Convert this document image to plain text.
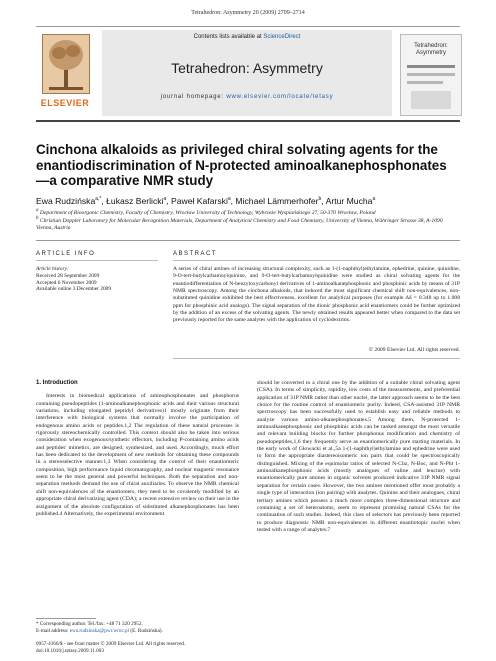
Tetrahedron: Asymmetry 20 (2009) 2709–2714
ELSEVIER
Contents lists available at ScienceDirect
Tetrahedron: Asymmetry
journal homepage: www.elsevier.com/locate/tetasy
Tetrahedron: Asymmetry
Cinchona alkaloids as privileged chiral solvating agents for the enantiodiscrimination of N-protected aminoalkanephosphonates—a comparative NMR study
Ewa Rudzińska$^{a,*}$, Łukasz Berlicki$^a$, Paweł Kafarski$^a$, Michael Lämmerhofer$^b$, Artur Mucha$^a$
a Department of Bioorganic Chemistry, Faculty of Chemistry, Wrocław University of Technology, Wybrzeże Wyspiańskiego 27, 50-370 Wrocław, Poland
b Christian Doppler Laboratory for Molecular Recognition Materials, Department of Analytical Chemistry and Food Chemistry, University of Vienna, Währinger Strasse 38, A-1090 Vienna, Austria
ARTICLE INFO	ABSTRACT
Article history:
Received 28 September 2009
Accepted 6 November 2009
Available online 3 December 2009

A series of chiral amines of increasing structural complexity, such as 1-(1-naphthyl)ethylamine, ephedrine, quinine, quinidine, 9-O-tert-butylcarbamoylquinine, and 9-O-tert-butylcarbamoylquinidine were studied as chiral solvating agents for the enantiodifferentiation of N-benzyloxycarbonyl derivatives of 1-aminoalkanephosphonic and phosphinic acids by means of 31P NMR spectroscopy. Among the cinchona alkaloids, that induced the most significant chemical shift non-equivalences, non-substituted quinidine exhibited the best effectiveness, excellent for analytical purposes (for example Δδ = 0.348 up to 1.008 ppm for phosphinic acid analogs). The signal separation of the dionic phosphonic acid enantiomers could be further optimized by the addition of an excess of the solvating agents. The newly obtained results appeared better when compared to the data set previously reported for the same analytes with the application of cyclodextrins.

© 2009 Elsevier Ltd. All rights reserved.
1. Introduction

Interests in biomedical applications of aminophosphonates and phosphorus containing pseudopeptides (1-aminoalkanephosphonic acids and their various structural variations, including elongated peptidyl derivatives)1 mostly originate from their interference with biological systems that normally involve the participation of endogenous amino acids or peptides.1,2 The regulation of these natural processes is rigorously stereochemically controlled. This context should also be taken into serious consideration when exogenous/synthetic effectors, including P-containing amino acids and peptides' mimetics, are designed, synthesized, and used. Accordingly, much effort has been dedicated to the development of new methods for obtaining these compounds in a stereoselective manner.1,3 When considering the control of their enantiomeric composition, high performance liquid chromatography, and nuclear magnetic resonance seem to be the most general and powerful techniques. Both the separation and non-separation methods demand the use of chiral auxiliaries. To observe the NMR chemical shift non-equivalences of the enantiomers, they need to be covalently modified by an appropriate chiral derivatizing agent (CDA); a recent extensive review on their use in the assignment of the absolute configuration of substituted alkanephosphonates has been published.4 Alternatively, the experimental environment

should be converted to a chiral one by the addition of a suitable chiral solvating agent (CSA). In terms of simplicity, rapidity, low costs of the measurements, and preferential application of 31P NMR rather than other nuclei, the latter approach seems to be the best choice for the routine control of enantiomeric purity. Indeed, CSA-assisted 31P NMR spectroscopy has been successfully used to establish easy and reliable methods to analyze various amino-alkanephosphonates.5 Among them, N-protected 1-aminoalkanephosphonic and phosphinic acids can be ranked amongst the most versatile and relevant building blocks for further phosphonus modification and chemistry of pseudopeptides,1,6 they frequently serve as enantiomerically pure starting materials. In the early work of Głowacki et al.,5a 1-(1-naphthyl)ethylamine and ephedrine were used to form the appropriate diastereoisomeric ion pairs that could be spectroscopically distinguished. Mixing of the equimolar ratios of selected N-Cbz, N-Boc, and N-Pht 1-aminoalkanephosphonic acids (mostly analogues of valine and leucine) with enantiomerically pure amines in organic solvents produced indicative 31P NMR signal separation for certain cases. However, the two amines mentioned offer most probably a single type of interaction (ion pairing) with analytes. Quinine and their analogues, chiral tertiary amines which possess a much more complex three-dimensional structure and containing a set of heteroatoms, seem to represent promising natural CSAs for the continuation of such studies. Indeed, this class of selectors has previously been reported to produce diagnostic NMR non-equivalences in different enantiotopic nuclei when tested with a range of analytes.7

* Corresponding author. Tel./fax: +48 71 320 2952.
E-mail address: ewa.rudzinska@pwr.wroc.pl (E. Rudzińska).
0957-4166/$ - see front matter © 2009 Elsevier Ltd. All rights reserved.
doi:10.1016/j.tetasy.2009.11.003
